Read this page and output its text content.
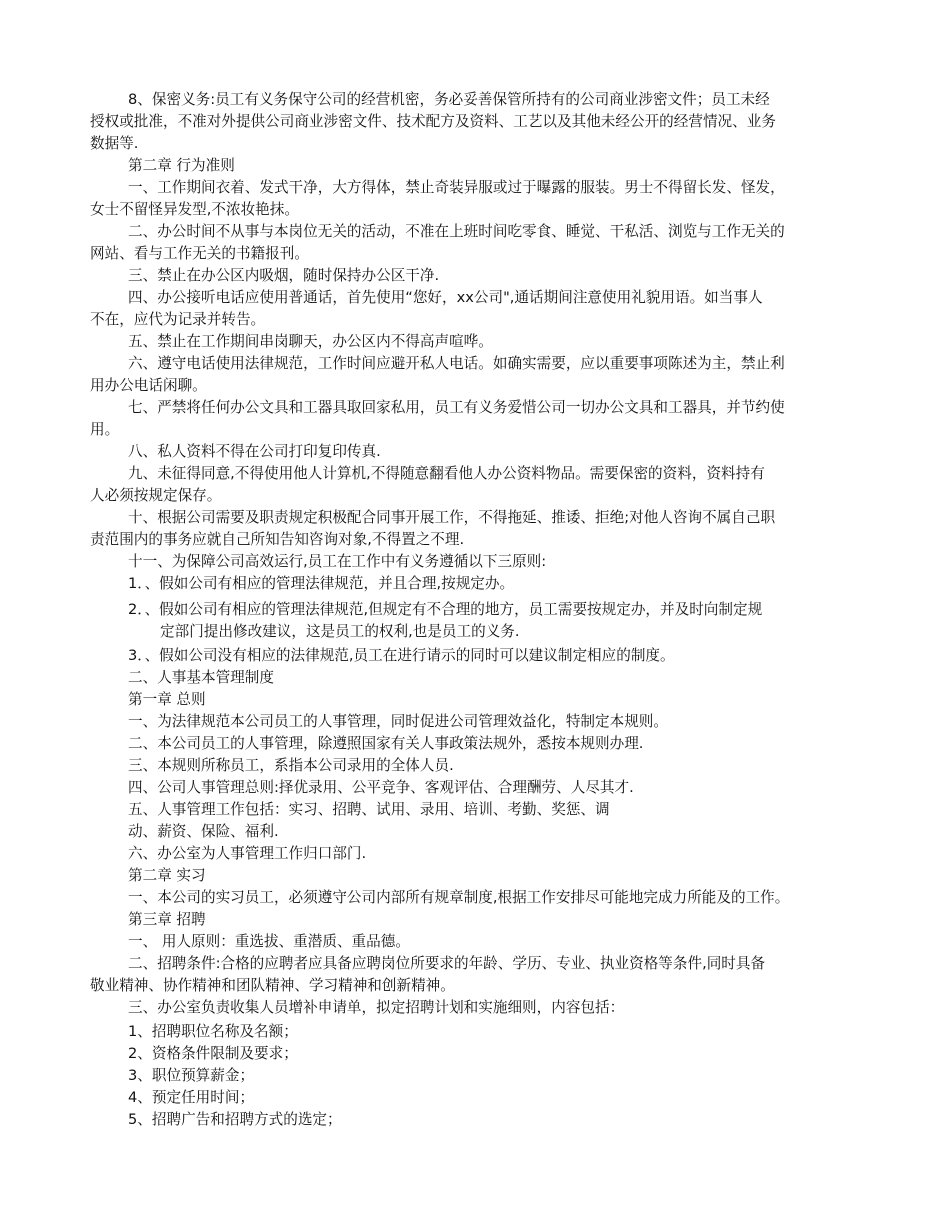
8、保密义务:员工有义务保守公司的经营机密，务必妥善保管所持有的公司商业涉密文件；员工未经
授权或批准，不准对外提供公司商业涉密文件、技术配方及资料、工艺以及其他未经公开的经营情况、业务
数据等.
第二章 行为准则
一、工作期间衣着、发式干净，大方得体，禁止奇装异服或过于曝露的服装。男士不得留长发、怪发，
女士不留怪异发型,不浓妆艳抹。
二、办公时间不从事与本岗位无关的活动，不准在上班时间吃零食、睡觉、干私活、浏览与工作无关的
网站、看与工作无关的书籍报刊。
三、禁止在办公区内吸烟，随时保持办公区干净.
四、办公接听电话应使用普通话，首先使用“您好，xx公司",通话期间注意使用礼貌用语。如当事人
不在，应代为记录并转告。
五、禁止在工作期间串岗聊天，办公区内不得高声喧哗。
六、遵守电话使用法律规范，工作时间应避开私人电话。如确实需要，应以重要事项陈述为主，禁止利
用办公电话闲聊。
七、严禁将任何办公文具和工器具取回家私用，员工有义务爱惜公司一切办公文具和工器具，并节约使
用。
八、私人资料不得在公司打印复印传真.
九、未征得同意,不得使用他人计算机,不得随意翻看他人办公资料物品。需要保密的资料，资料持有
人必须按规定保存。
十、根据公司需要及职责规定积极配合同事开展工作，不得拖延、推诿、拒绝;对他人咨询不属自己职
责范围内的事务应就自己所知告知咨询对象,不得置之不理.
十一、为保障公司高效运行,员工在工作中有义务遵循以下三原则:
1．、假如公司有相应的管理法律规范，并且合理,按规定办。
2．、假如公司有相应的管理法律规范,但规定有不合理的地方，员工需要按规定办，并及时向制定规
定部门提出修改建议，这是员工的权利,也是员工的义务.
3．、假如公司没有相应的法律规范,员工在进行请示的同时可以建议制定相应的制度。
二、人事基本管理制度
第一章 总则
一、为法律规范本公司员工的人事管理，同时促进公司管理效益化，特制定本规则。
二、本公司员工的人事管理，除遵照国家有关人事政策法规外，悉按本规则办理.
三、本规则所称员工，系指本公司录用的全体人员.
四、公司人事管理总则:择优录用、公平竞争、客观评估、合理酬劳、人尽其才.
五、人事管理工作包括：实习、招聘、试用、录用、培训、考勤、奖惩、调
动、薪资、保险、福利.
六、办公室为人事管理工作归口部门.
第二章 实习
一、本公司的实习员工，必须遵守公司内部所有规章制度,根据工作安排尽可能地完成力所能及的工作。
第三章 招聘
一、 用人原则：重选拔、重潜质、重品德。
二、招聘条件:合格的应聘者应具备应聘岗位所要求的年龄、学历、专业、执业资格等条件,同时具备
敬业精神、协作精神和团队精神、学习精神和创新精神。
三、办公室负责收集人员增补申请单，拟定招聘计划和实施细则，内容包括：
1、招聘职位名称及名额；
2、资格条件限制及要求；
3、职位预算薪金；
4、预定任用时间；
5、招聘广告和招聘方式的选定；
